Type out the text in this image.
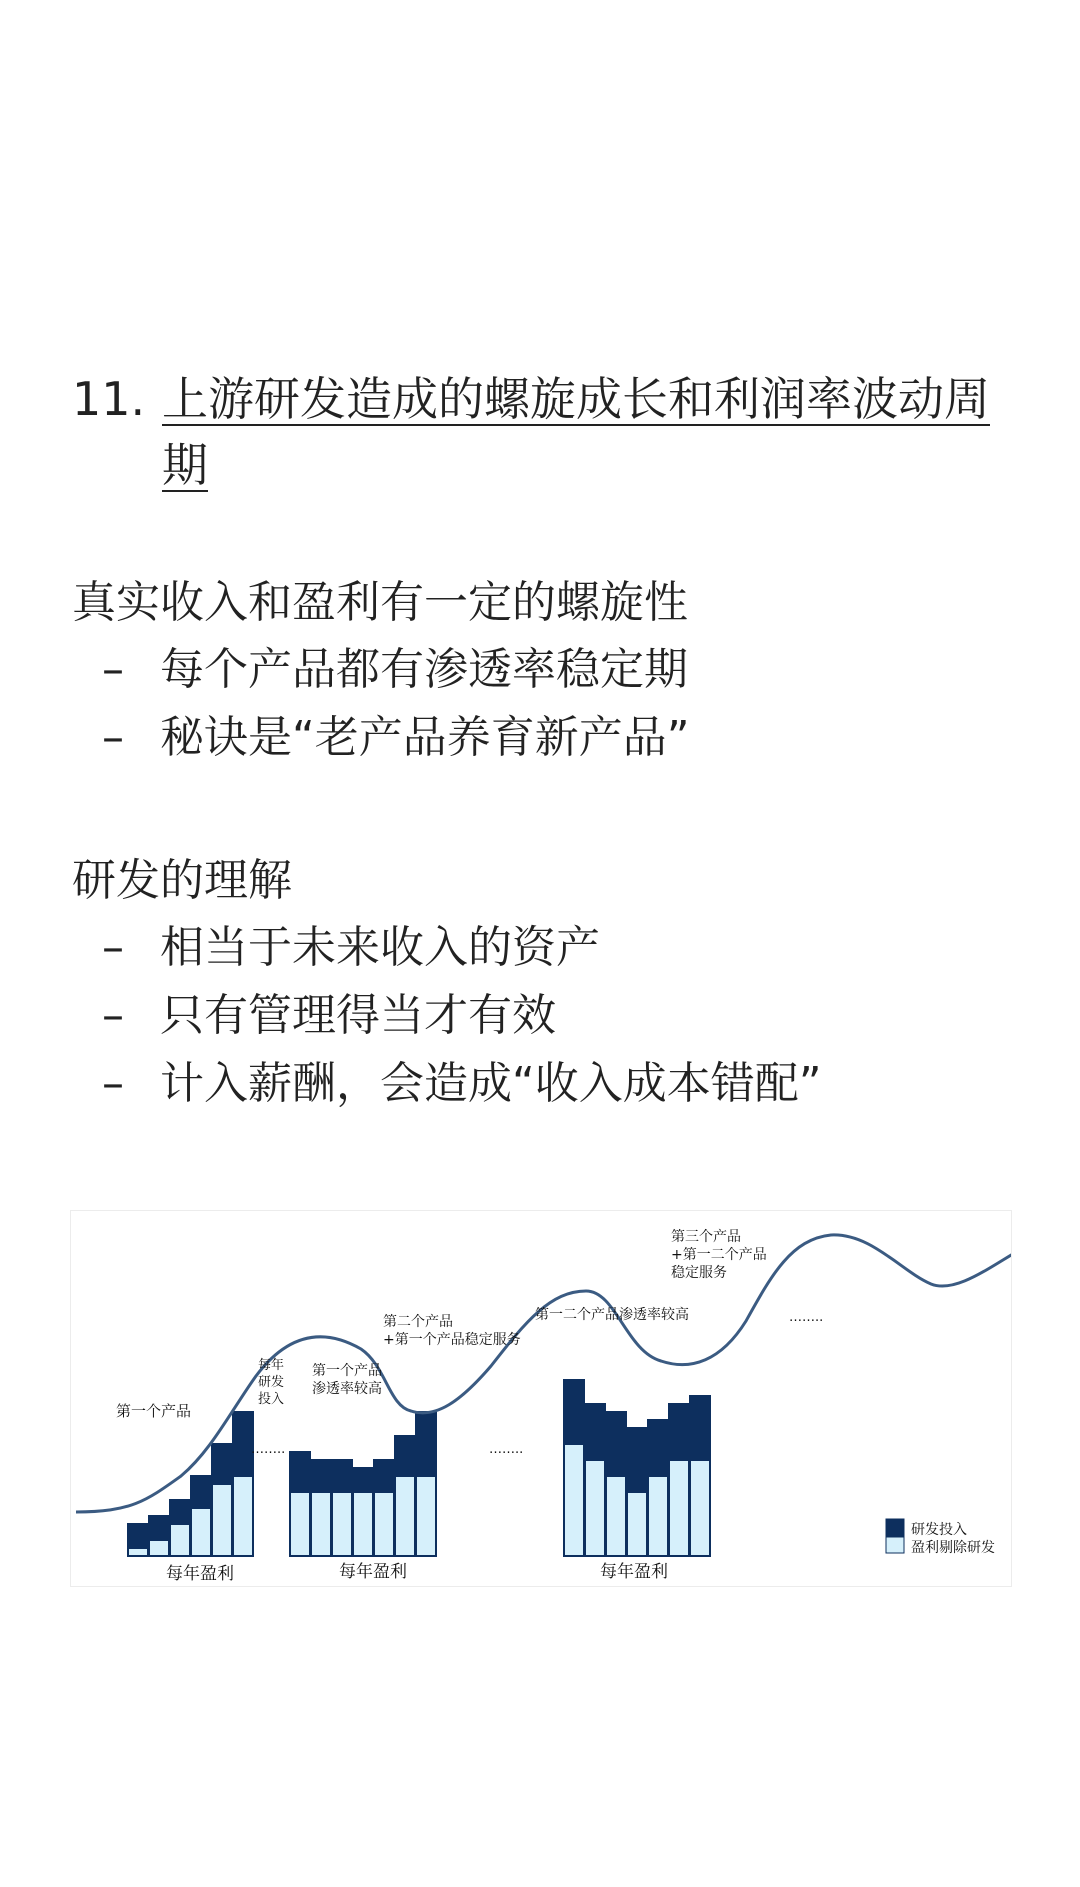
11. 上游研发造成的螺旋成长和利润率波动周期
真实收入和盈利有一定的螺旋性
– 每个产品都有渗透率稳定期
– 秘诀是“老产品养育新产品”
研发的理解
– 相当于未来收入的资产
– 只有管理得当才有效
– 计入薪酬，会造成“收入成本错配”
第一个产品
每年
研发
投入
第一个产品
渗透率较高
第二个产品
+第一个产品稳定服务
第一二个产品渗透率较高
第三个产品
+第一二个产品
稳定服务
……..	……..
……..
每年盈利	每年盈利	每年盈利
研发投入
盈利剔除研发
